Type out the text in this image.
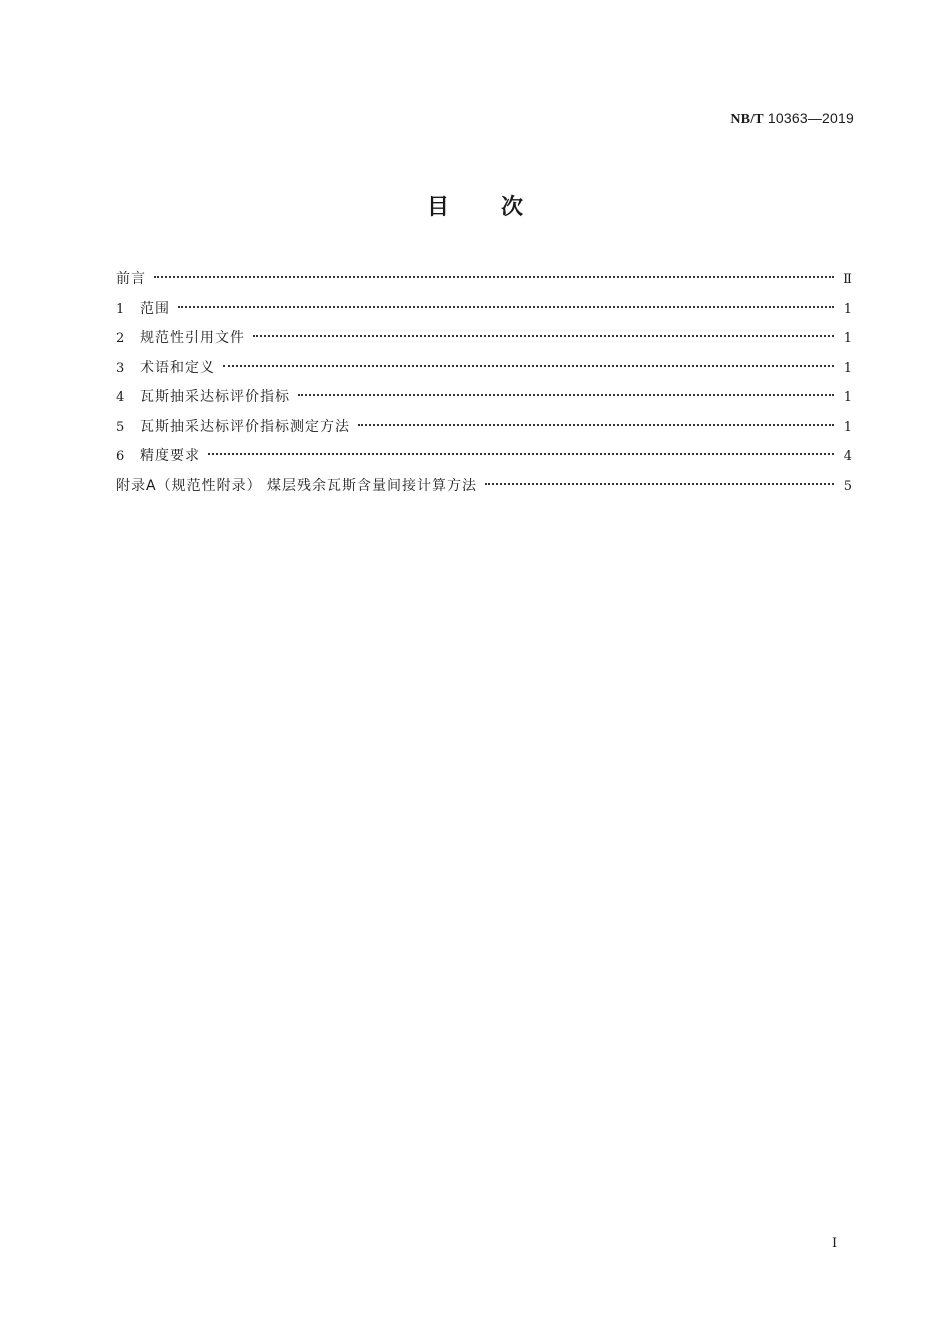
NB/T 10363—2019
目次
前言	Ⅱ
1	范围	1
2	规范性引用文件	1
3	术语和定义	1
4	瓦斯抽采达标评价指标	1
5	瓦斯抽采达标评价指标测定方法	1
6	精度要求	4
附录A（规范性附录） 煤层残余瓦斯含量间接计算方法	5
I
